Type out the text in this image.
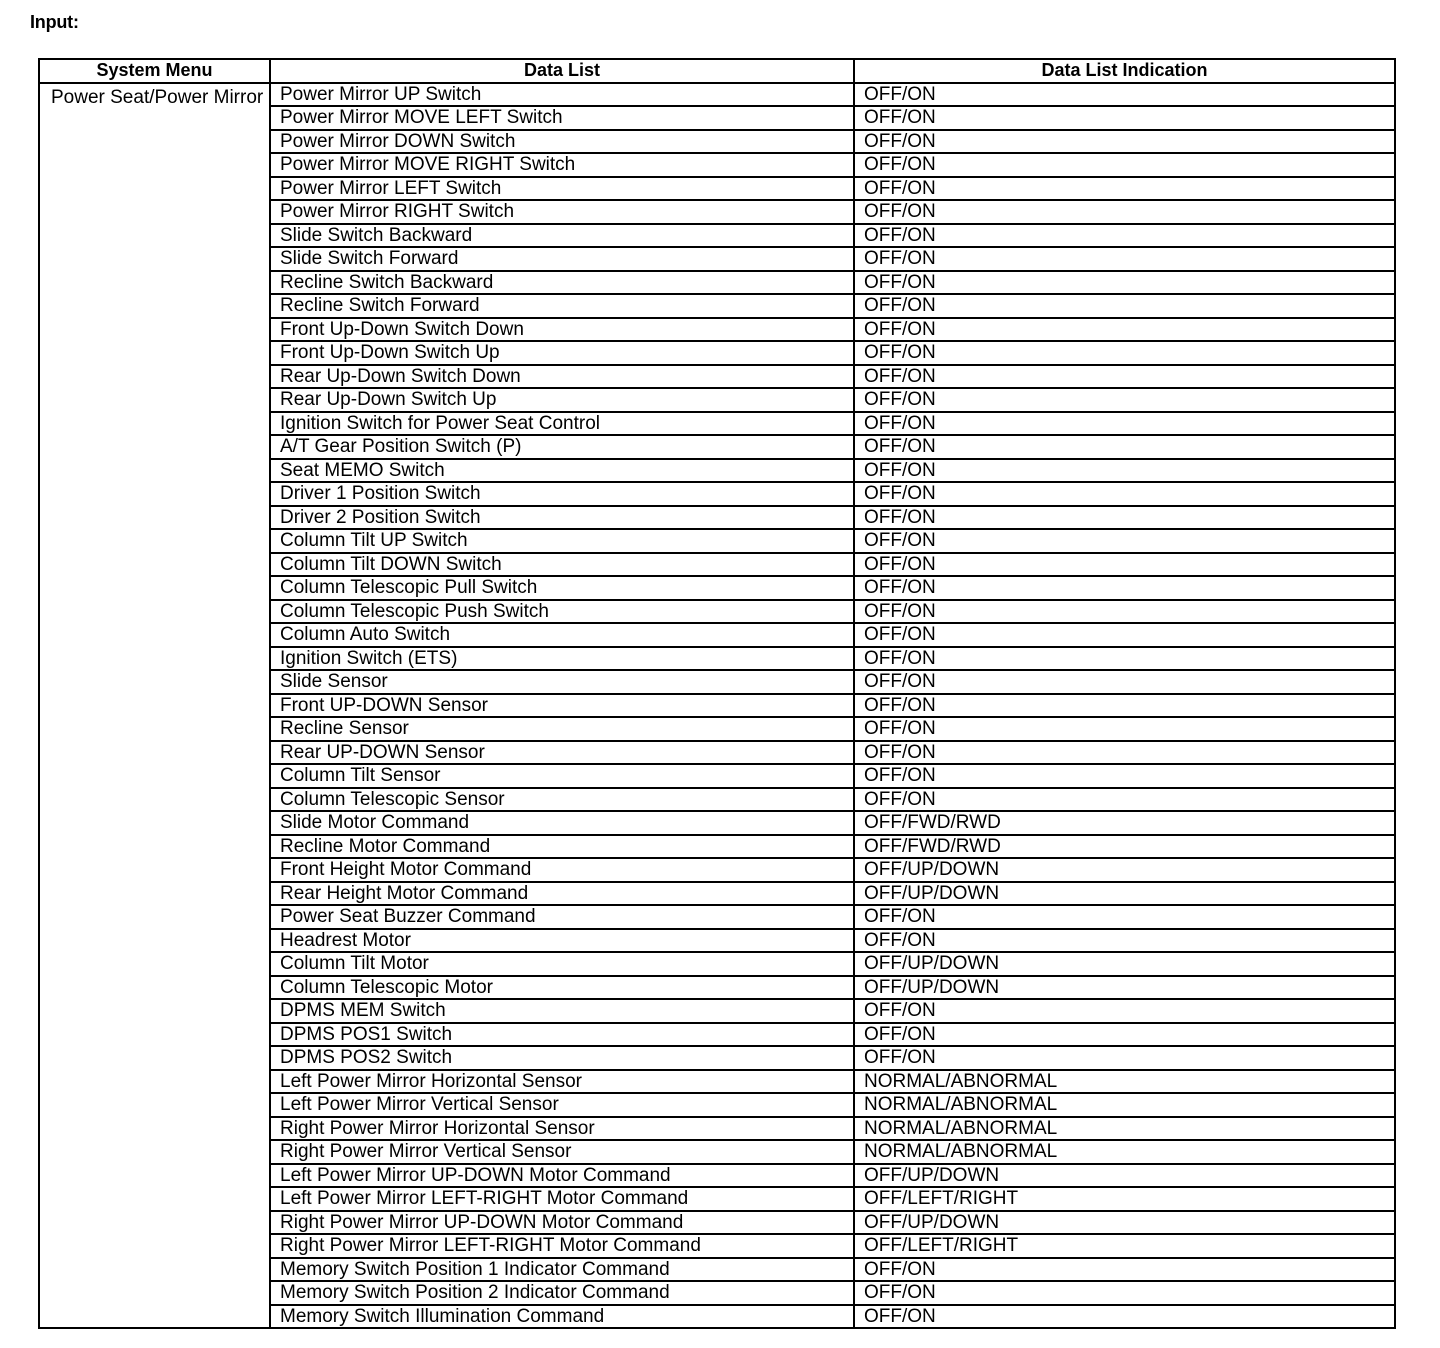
Input:
System Menu	Data List	Data List Indication
Power Seat/Power Mirror	Power Mirror UP Switch	OFF/ON
	Power Mirror MOVE LEFT Switch	OFF/ON
	Power Mirror DOWN Switch	OFF/ON
	Power Mirror MOVE RIGHT Switch	OFF/ON
	Power Mirror LEFT Switch	OFF/ON
	Power Mirror RIGHT Switch	OFF/ON
	Slide Switch Backward	OFF/ON
	Slide Switch Forward	OFF/ON
	Recline Switch Backward	OFF/ON
	Recline Switch Forward	OFF/ON
	Front Up-Down Switch Down	OFF/ON
	Front Up-Down Switch Up	OFF/ON
	Rear Up-Down Switch Down	OFF/ON
	Rear Up-Down Switch Up	OFF/ON
	Ignition Switch for Power Seat Control	OFF/ON
	A/T Gear Position Switch (P)	OFF/ON
	Seat MEMO Switch	OFF/ON
	Driver 1 Position Switch	OFF/ON
	Driver 2 Position Switch	OFF/ON
	Column Tilt UP Switch	OFF/ON
	Column Tilt DOWN Switch	OFF/ON
	Column Telescopic Pull Switch	OFF/ON
	Column Telescopic Push Switch	OFF/ON
	Column Auto Switch	OFF/ON
	Ignition Switch (ETS)	OFF/ON
	Slide Sensor	OFF/ON
	Front UP-DOWN Sensor	OFF/ON
	Recline Sensor	OFF/ON
	Rear UP-DOWN Sensor	OFF/ON
	Column Tilt Sensor	OFF/ON
	Column Telescopic Sensor	OFF/ON
	Slide Motor Command	OFF/FWD/RWD
	Recline Motor Command	OFF/FWD/RWD
	Front Height Motor Command	OFF/UP/DOWN
	Rear Height Motor Command	OFF/UP/DOWN
	Power Seat Buzzer Command	OFF/ON
	Headrest Motor	OFF/ON
	Column Tilt Motor	OFF/UP/DOWN
	Column Telescopic Motor	OFF/UP/DOWN
	DPMS MEM Switch	OFF/ON
	DPMS POS1 Switch	OFF/ON
	DPMS POS2 Switch	OFF/ON
	Left Power Mirror Horizontal Sensor	NORMAL/ABNORMAL
	Left Power Mirror Vertical Sensor	NORMAL/ABNORMAL
	Right Power Mirror Horizontal Sensor	NORMAL/ABNORMAL
	Right Power Mirror Vertical Sensor	NORMAL/ABNORMAL
	Left Power Mirror UP-DOWN Motor Command	OFF/UP/DOWN
	Left Power Mirror LEFT-RIGHT Motor Command	OFF/LEFT/RIGHT
	Right Power Mirror UP-DOWN Motor Command	OFF/UP/DOWN
	Right Power Mirror LEFT-RIGHT Motor Command	OFF/LEFT/RIGHT
	Memory Switch Position 1 Indicator Command	OFF/ON
	Memory Switch Position 2 Indicator Command	OFF/ON
	Memory Switch Illumination Command	OFF/ON
